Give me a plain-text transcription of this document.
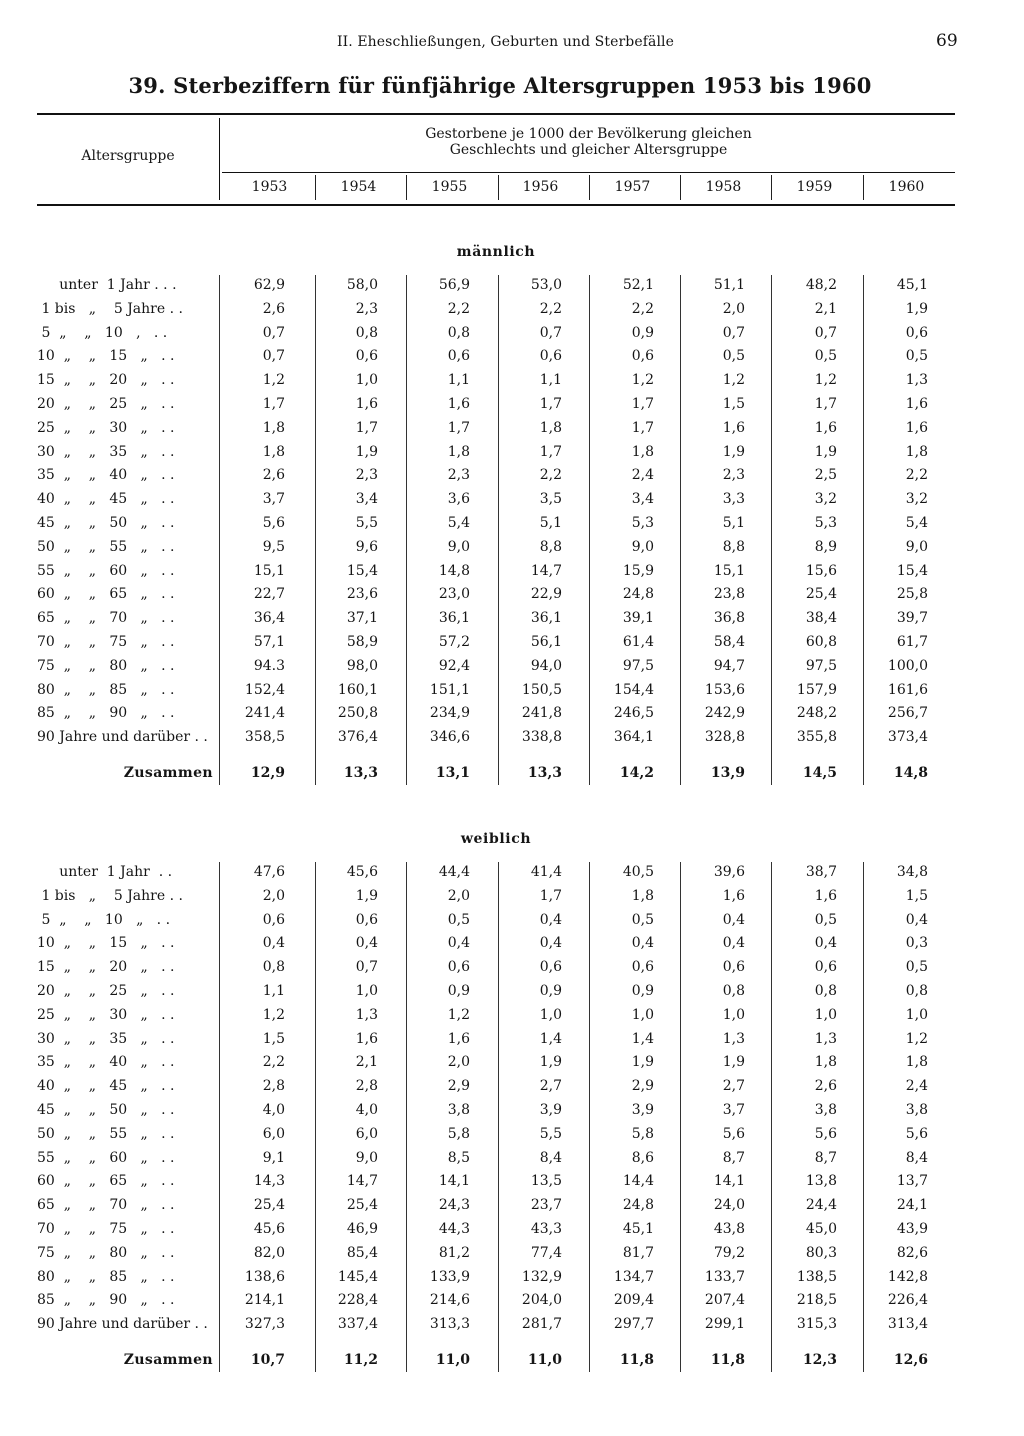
II. Eheschließungen, Geburten und Sterbefälle	69
39. Sterbeziffern für fünfjährige Altersgruppen 1953 bis 1960
Altersgruppe
Gestorbene je 1000 der Bevölkerung gleichen
Geschlechts und gleicher Altersgruppe
1953	1954	1955	1956	1957	1958	1959	1960
männlich
unter  1 Jahr . . .	62,9	58,0	56,9	53,0	52,1	51,1	48,2	45,1
1 bis   „    5 Jahre . .	2,6	2,3	2,2	2,2	2,2	2,0	2,1	1,9
5  „    „   10   ,   . .	0,7	0,8	0,8	0,7	0,9	0,7	0,7	0,6
10  „    „   15   „   . .	0,7	0,6	0,6	0,6	0,6	0,5	0,5	0,5
15  „    „   20   „   . .	1,2	1,0	1,1	1,1	1,2	1,2	1,2	1,3
20  „    „   25   „   . .	1,7	1,6	1,6	1,7	1,7	1,5	1,7	1,6
25  „    „   30   „   . .	1,8	1,7	1,7	1,8	1,7	1,6	1,6	1,6
30  „    „   35   „   . .	1,8	1,9	1,8	1,7	1,8	1,9	1,9	1,8
35  „    „   40   „   . .	2,6	2,3	2,3	2,2	2,4	2,3	2,5	2,2
40  „    „   45   „   . .	3,7	3,4	3,6	3,5	3,4	3,3	3,2	3,2
45  „    „   50   „   . .	5,6	5,5	5,4	5,1	5,3	5,1	5,3	5,4
50  „    „   55   „   . .	9,5	9,6	9,0	8,8	9,0	8,8	8,9	9,0
55  „    „   60   „   . .	15,1	15,4	14,8	14,7	15,9	15,1	15,6	15,4
60  „    „   65   „   . .	22,7	23,6	23,0	22,9	24,8	23,8	25,4	25,8
65  „    „   70   „   . .	36,4	37,1	36,1	36,1	39,1	36,8	38,4	39,7
70  „    „   75   „   . .	57,1	58,9	57,2	56,1	61,4	58,4	60,8	61,7
75  „    „   80   „   . .	94.3	98,0	92,4	94,0	97,5	94,7	97,5	100,0
80  „    „   85   „   . .	152,4	160,1	151,1	150,5	154,4	153,6	157,9	161,6
85  „    „   90   „   . .	241,4	250,8	234,9	241,8	246,5	242,9	248,2	256,7
90 Jahre und darüber . .	358,5	376,4	346,6	338,8	364,1	328,8	355,8	373,4
Zusammen	12,9	13,3	13,1	13,3	14,2	13,9	14,5	14,8
weiblich
unter  1 Jahr  . .	47,6	45,6	44,4	41,4	40,5	39,6	38,7	34,8
1 bis   „    5 Jahre . .	2,0	1,9	2,0	1,7	1,8	1,6	1,6	1,5
5  „    „   10   „   . .	0,6	0,6	0,5	0,4	0,5	0,4	0,5	0,4
10  „    „   15   „   . .	0,4	0,4	0,4	0,4	0,4	0,4	0,4	0,3
15  „    „   20   „   . .	0,8	0,7	0,6	0,6	0,6	0,6	0,6	0,5
20  „    „   25   „   . .	1,1	1,0	0,9	0,9	0,9	0,8	0,8	0,8
25  „    „   30   „   . .	1,2	1,3	1,2	1,0	1,0	1,0	1,0	1,0
30  „    „   35   „   . .	1,5	1,6	1,6	1,4	1,4	1,3	1,3	1,2
35  „    „   40   „   . .	2,2	2,1	2,0	1,9	1,9	1,9	1,8	1,8
40  „    „   45   „   . .	2,8	2,8	2,9	2,7	2,9	2,7	2,6	2,4
45  „    „   50   „   . .	4,0	4,0	3,8	3,9	3,9	3,7	3,8	3,8
50  „    „   55   „   . .	6,0	6,0	5,8	5,5	5,8	5,6	5,6	5,6
55  „    „   60   „   . .	9,1	9,0	8,5	8,4	8,6	8,7	8,7	8,4
60  „    „   65   „   . .	14,3	14,7	14,1	13,5	14,4	14,1	13,8	13,7
65  „    „   70   „   . .	25,4	25,4	24,3	23,7	24,8	24,0	24,4	24,1
70  „    „   75   „   . .	45,6	46,9	44,3	43,3	45,1	43,8	45,0	43,9
75  „    „   80   „   . .	82,0	85,4	81,2	77,4	81,7	79,2	80,3	82,6
80  „    „   85   „   . .	138,6	145,4	133,9	132,9	134,7	133,7	138,5	142,8
85  „    „   90   „   . .	214,1	228,4	214,6	204,0	209,4	207,4	218,5	226,4
90 Jahre und darüber . .	327,3	337,4	313,3	281,7	297,7	299,1	315,3	313,4
Zusammen	10,7	11,2	11,0	11,0	11,8	11,8	12,3	12,6
